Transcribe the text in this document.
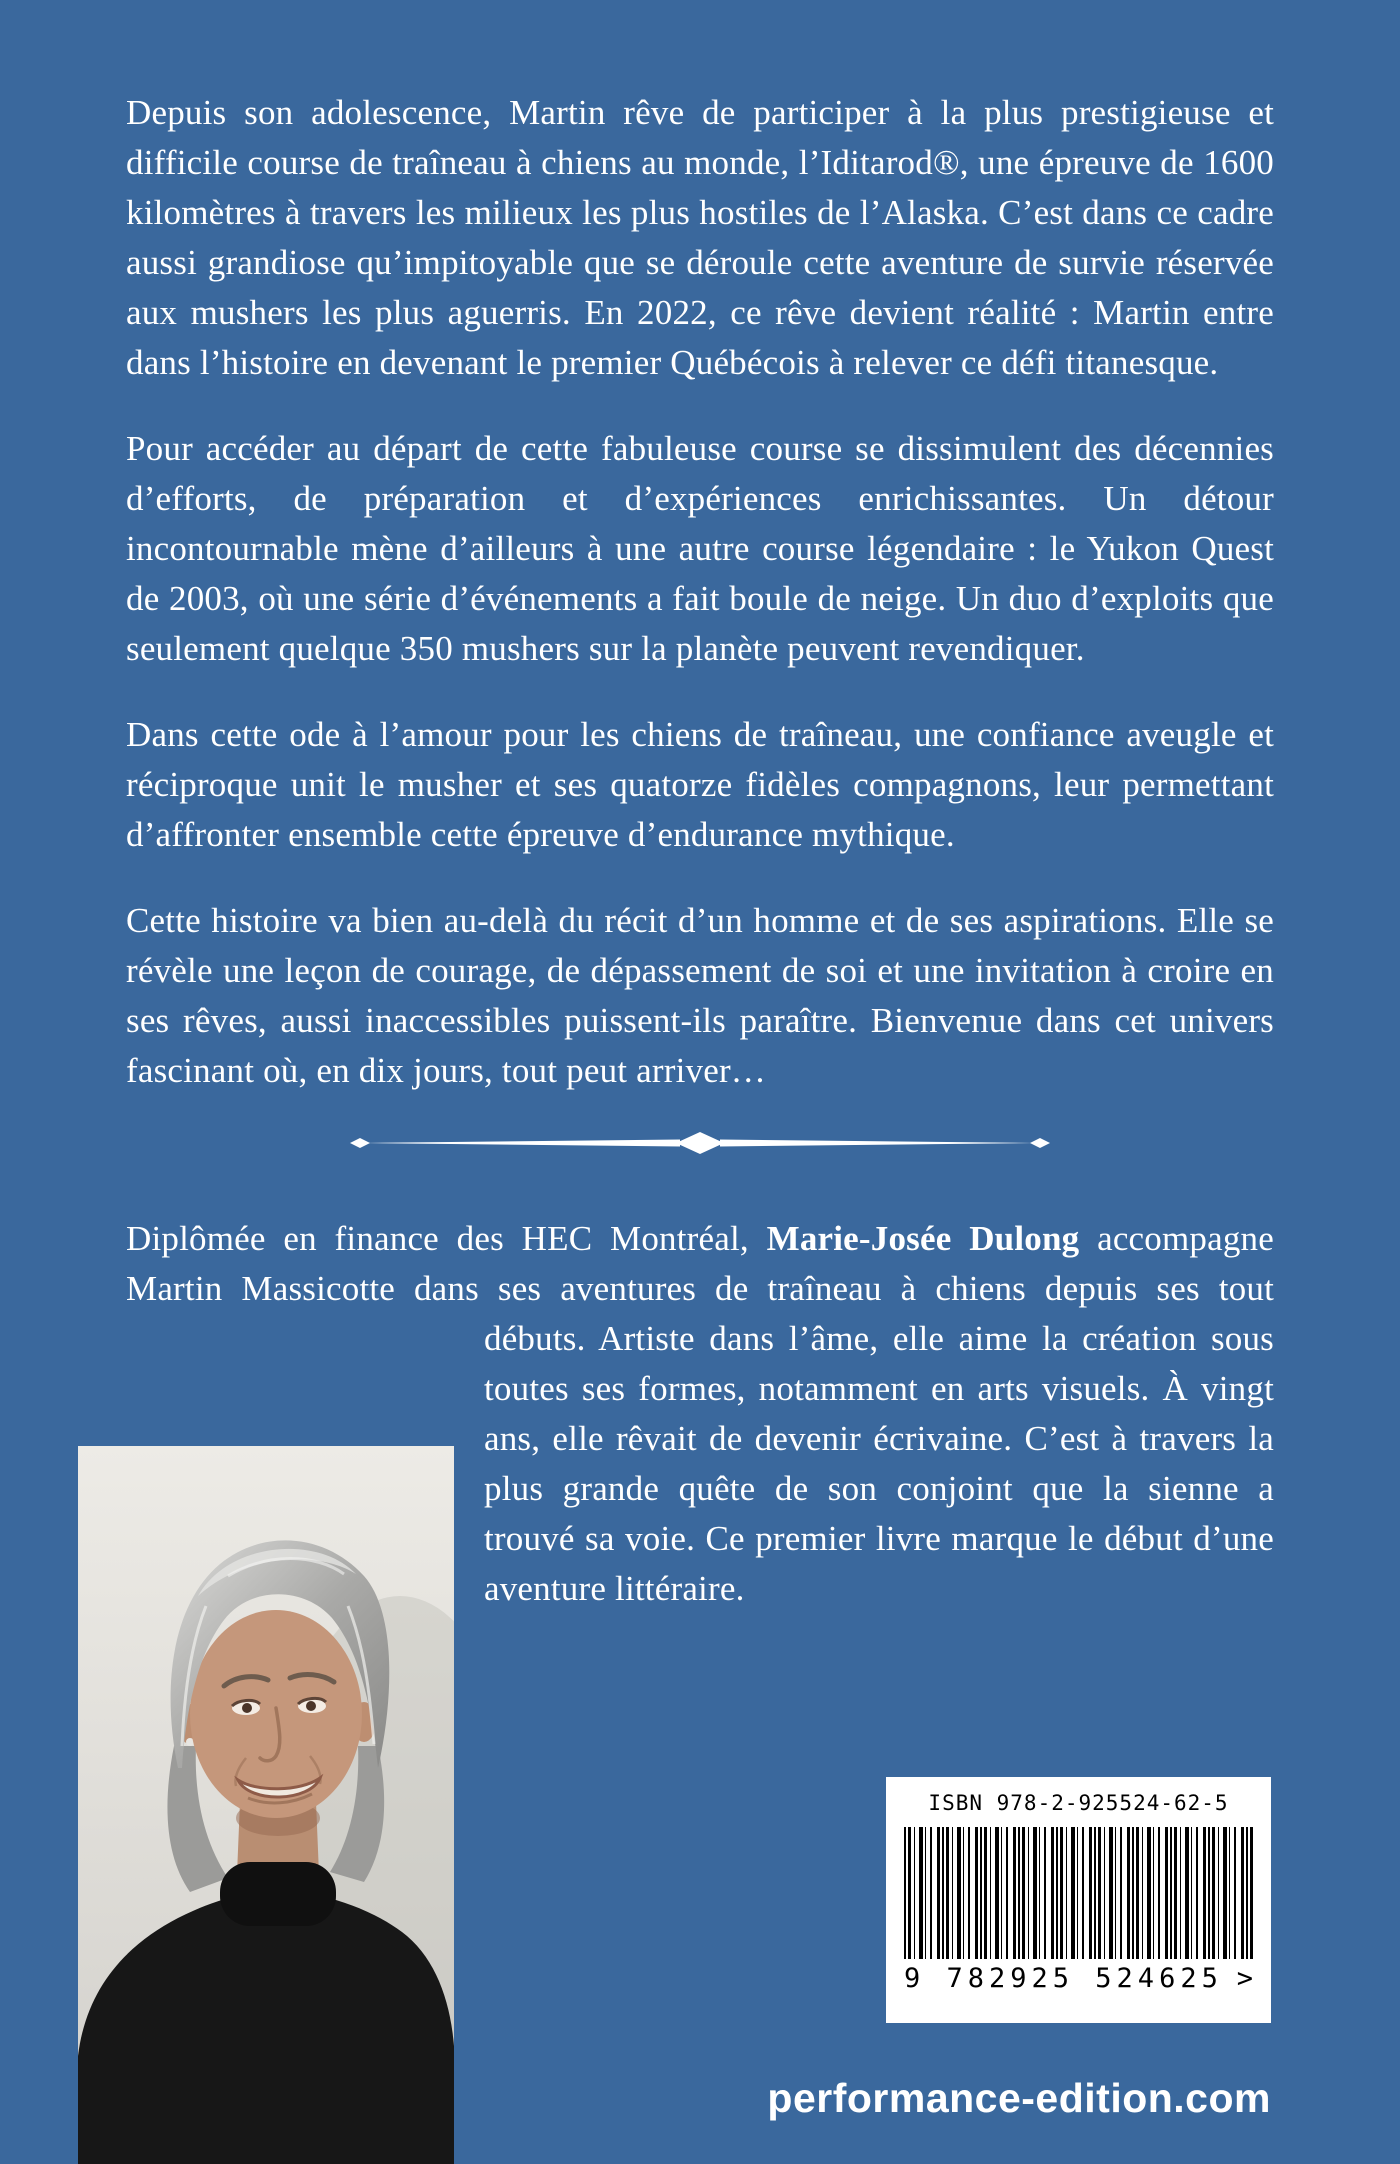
Depuis son adolescence, Martin rêve de participer à la plus prestigieuse et difficile course de traîneau à chiens au monde, l’Iditarod®, une épreuve de 1600 kilomètres à travers les milieux les plus hostiles de l’Alaska. C’est dans ce cadre aussi grandiose qu’impitoyable que se déroule cette aventure de survie réservée aux mushers les plus aguerris. En 2022, ce rêve devient réalité : Martin entre dans l’histoire en devenant le premier Québécois à relever ce défi titanesque.

Pour accéder au départ de cette fabuleuse course se dissimulent des décennies d’efforts, de préparation et d’expériences enrichissantes. Un détour incontournable mène d’ailleurs à une autre course légendaire : le Yukon Quest de 2003, où une série d’événements a fait boule de neige. Un duo d’exploits que seulement quelque 350 mushers sur la planète peuvent revendiquer.

Dans cette ode à l’amour pour les chiens de traîneau, une confiance aveugle et réciproque unit le musher et ses quatorze fidèles compagnons, leur permettant d’affronter ensemble cette épreuve d’endurance mythique.

Cette histoire va bien au-delà du récit d’un homme et de ses aspirations. Elle se révèle une leçon de courage, de dépassement de soi et une invitation à croire en ses rêves, aussi inaccessibles puissent-ils paraître. Bienvenue dans cet univers fascinant où, en dix jours, tout peut arriver…

Diplômée en finance des HEC Montréal, Marie-Josée Dulong accompagne Martin Massicotte dans ses aventures de traîneau à chiens depuis ses tout débuts. Artiste dans l’âme, elle aime la création sous toutes ses formes, notamment en arts visuels. À vingt ans, elle rêvait de devenir écrivaine. C’est à travers la plus grande quête de son conjoint que la sienne a trouvé sa voie. Ce premier livre marque le début d’une aventure littéraire.

ISBN 978-2-925524-62-5
9 782925 524625 >
performance-edition.com
